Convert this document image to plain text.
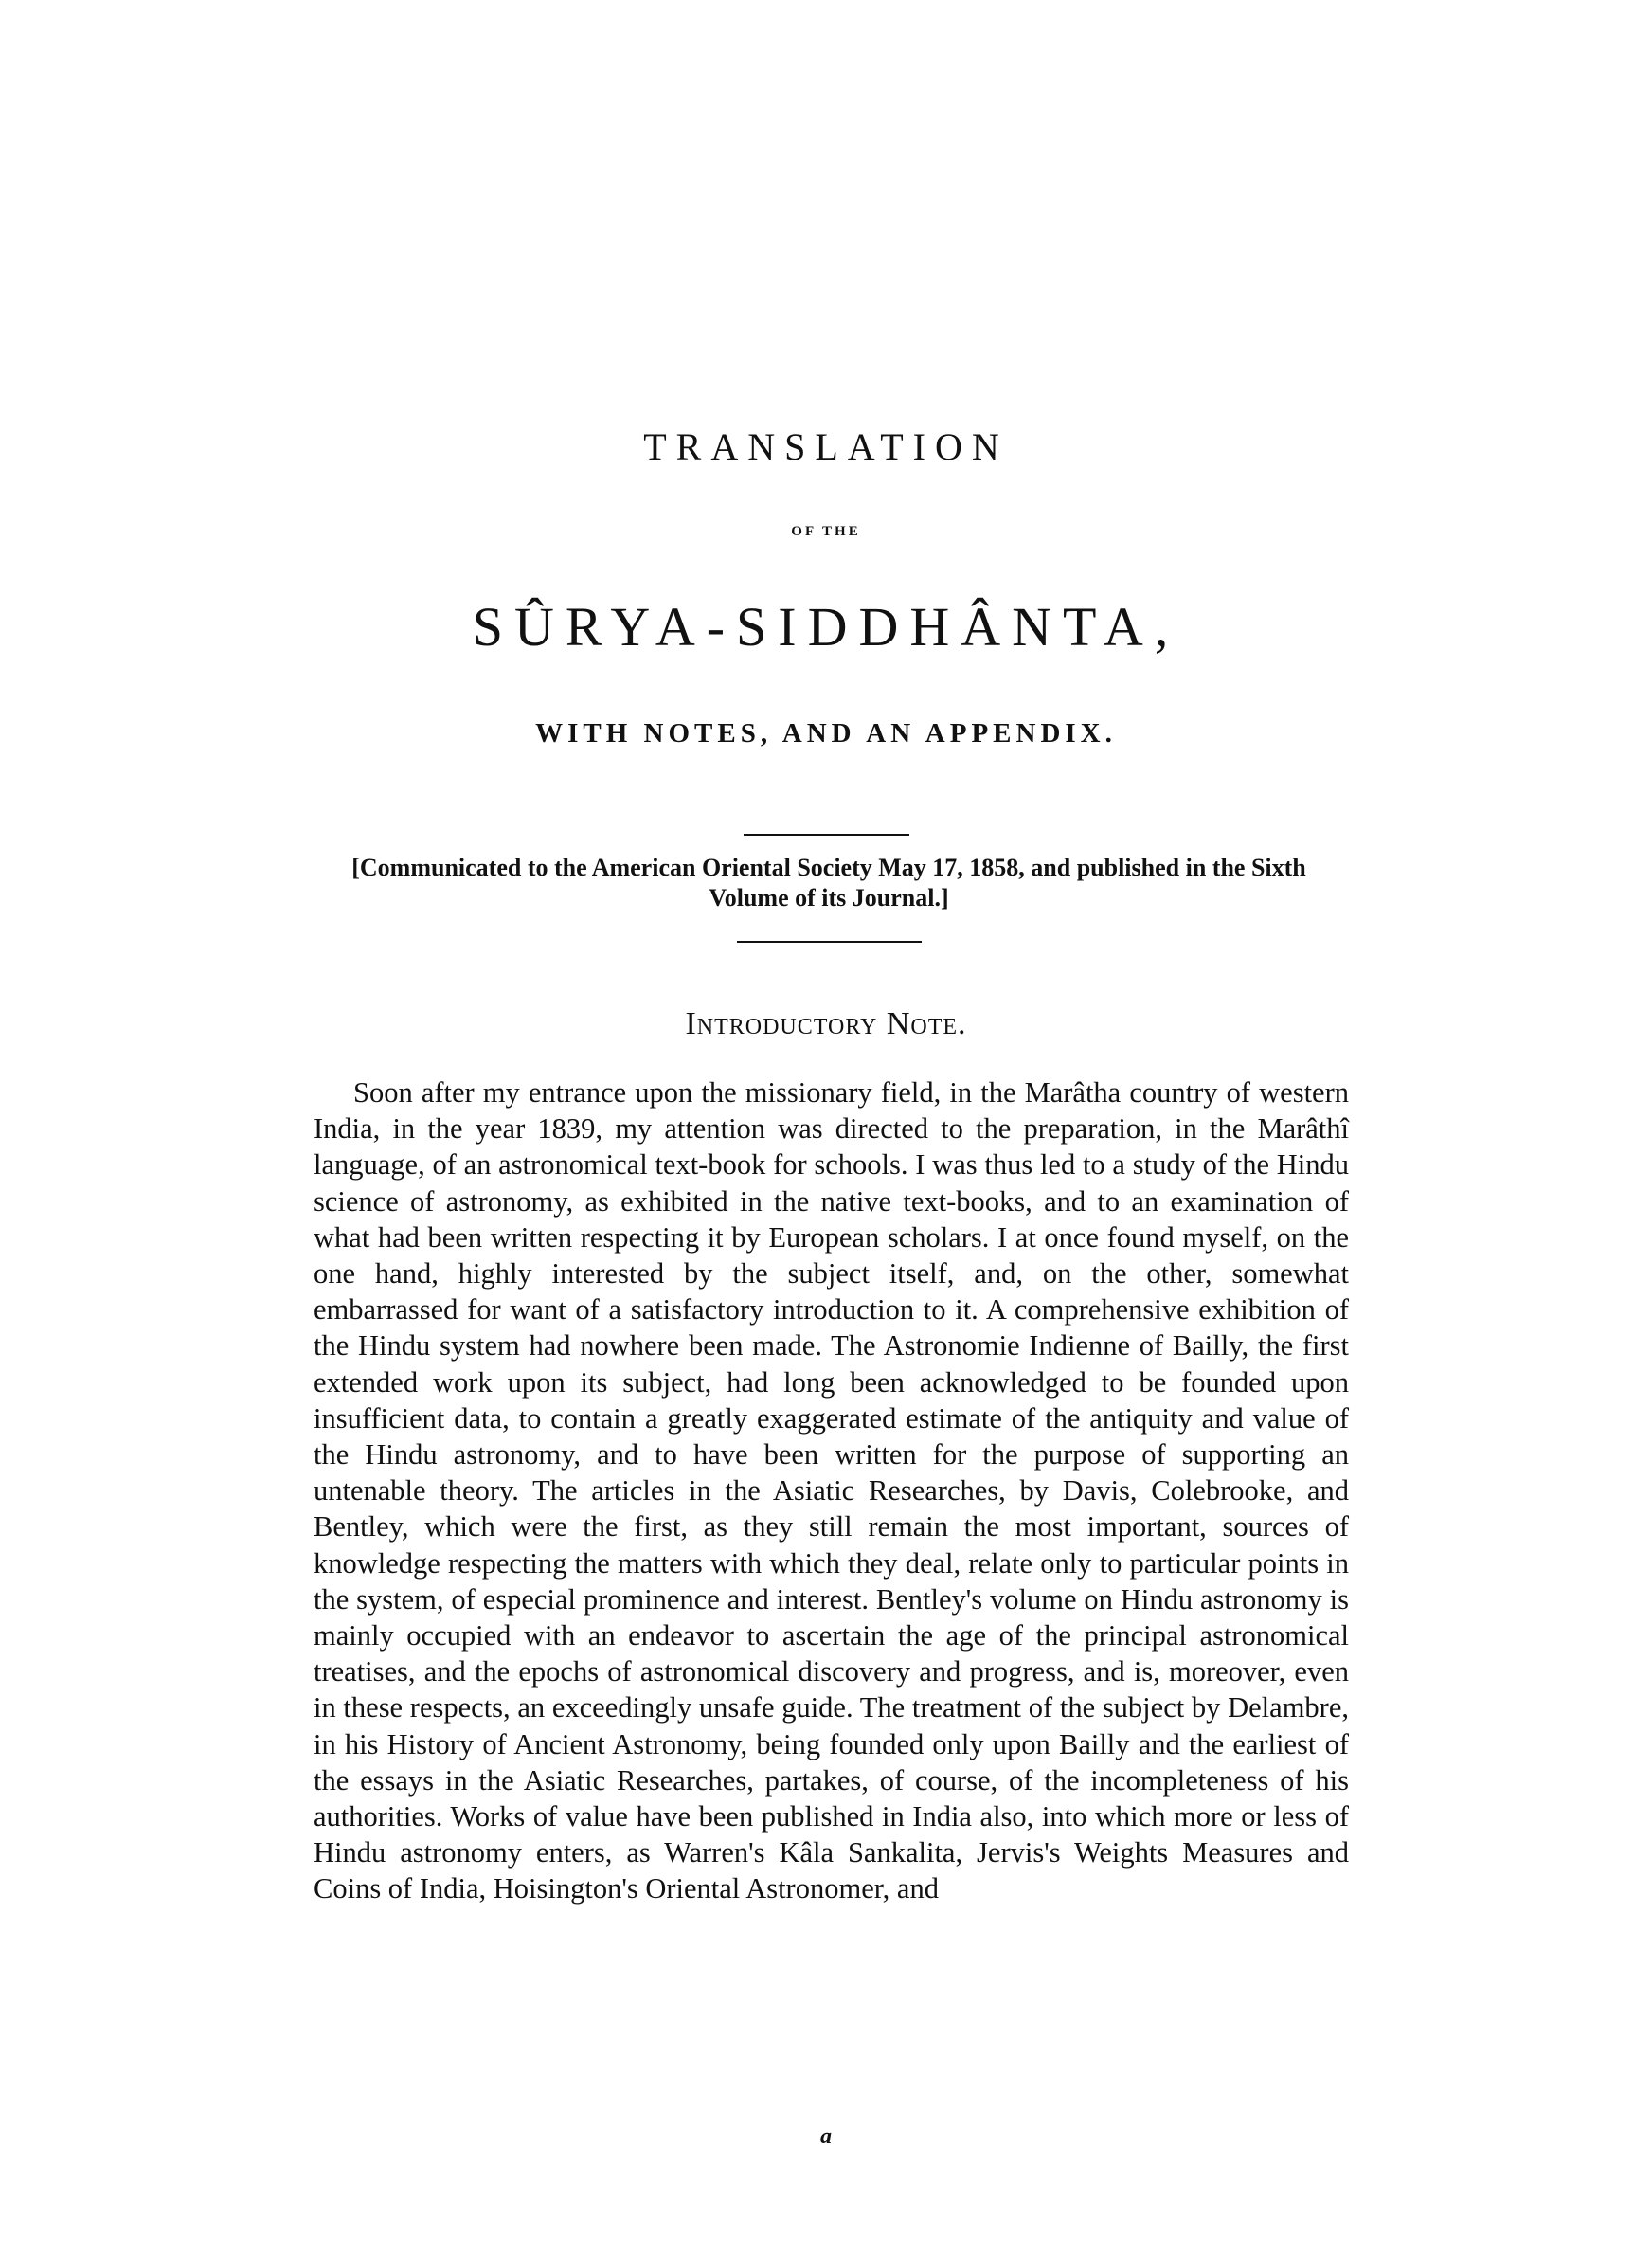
TRANSLATION
OF THE
SÛRYA-SIDDHÂNTA,
WITH NOTES, AND AN APPENDIX.
[Communicated to the American Oriental Society May 17, 1858, and published in the Sixth Volume of its Journal.]
Introductory Note.

Soon after my entrance upon the missionary field, in the Marâtha country of western India, in the year 1839, my attention was directed to the preparation, in the Marâthî language, of an astronomical text-book for schools. I was thus led to a study of the Hindu science of astronomy, as exhibited in the native text-books, and to an examination of what had been written respecting it by European scholars. I at once found myself, on the one hand, highly interested by the subject itself, and, on the other, somewhat embarrassed for want of a satisfactory introduction to it. A comprehensive exhibition of the Hindu system had nowhere been made. The Astronomie Indienne of Bailly, the first extended work upon its subject, had long been acknowledged to be founded upon insufficient data, to contain a greatly exaggerated estimate of the antiquity and value of the Hindu astronomy, and to have been written for the purpose of supporting an untenable theory. The articles in the Asiatic Researches, by Davis, Colebrooke, and Bentley, which were the first, as they still remain the most important, sources of knowledge respecting the matters with which they deal, relate only to particular points in the system, of especial prominence and interest. Bentley's volume on Hindu astronomy is mainly occupied with an endeavor to ascertain the age of the principal astronomical treatises, and the epochs of astronomical discovery and progress, and is, moreover, even in these respects, an exceedingly unsafe guide. The treatment of the subject by Delambre, in his History of Ancient Astronomy, being founded only upon Bailly and the earliest of the essays in the Asiatic Researches, partakes, of course, of the incompleteness of his authorities. Works of value have been published in India also, into which more or less of Hindu astronomy enters, as Warren's Kâla Sankalita, Jervis's Weights Measures and Coins of India, Hoisington's Oriental Astronomer, and

a
